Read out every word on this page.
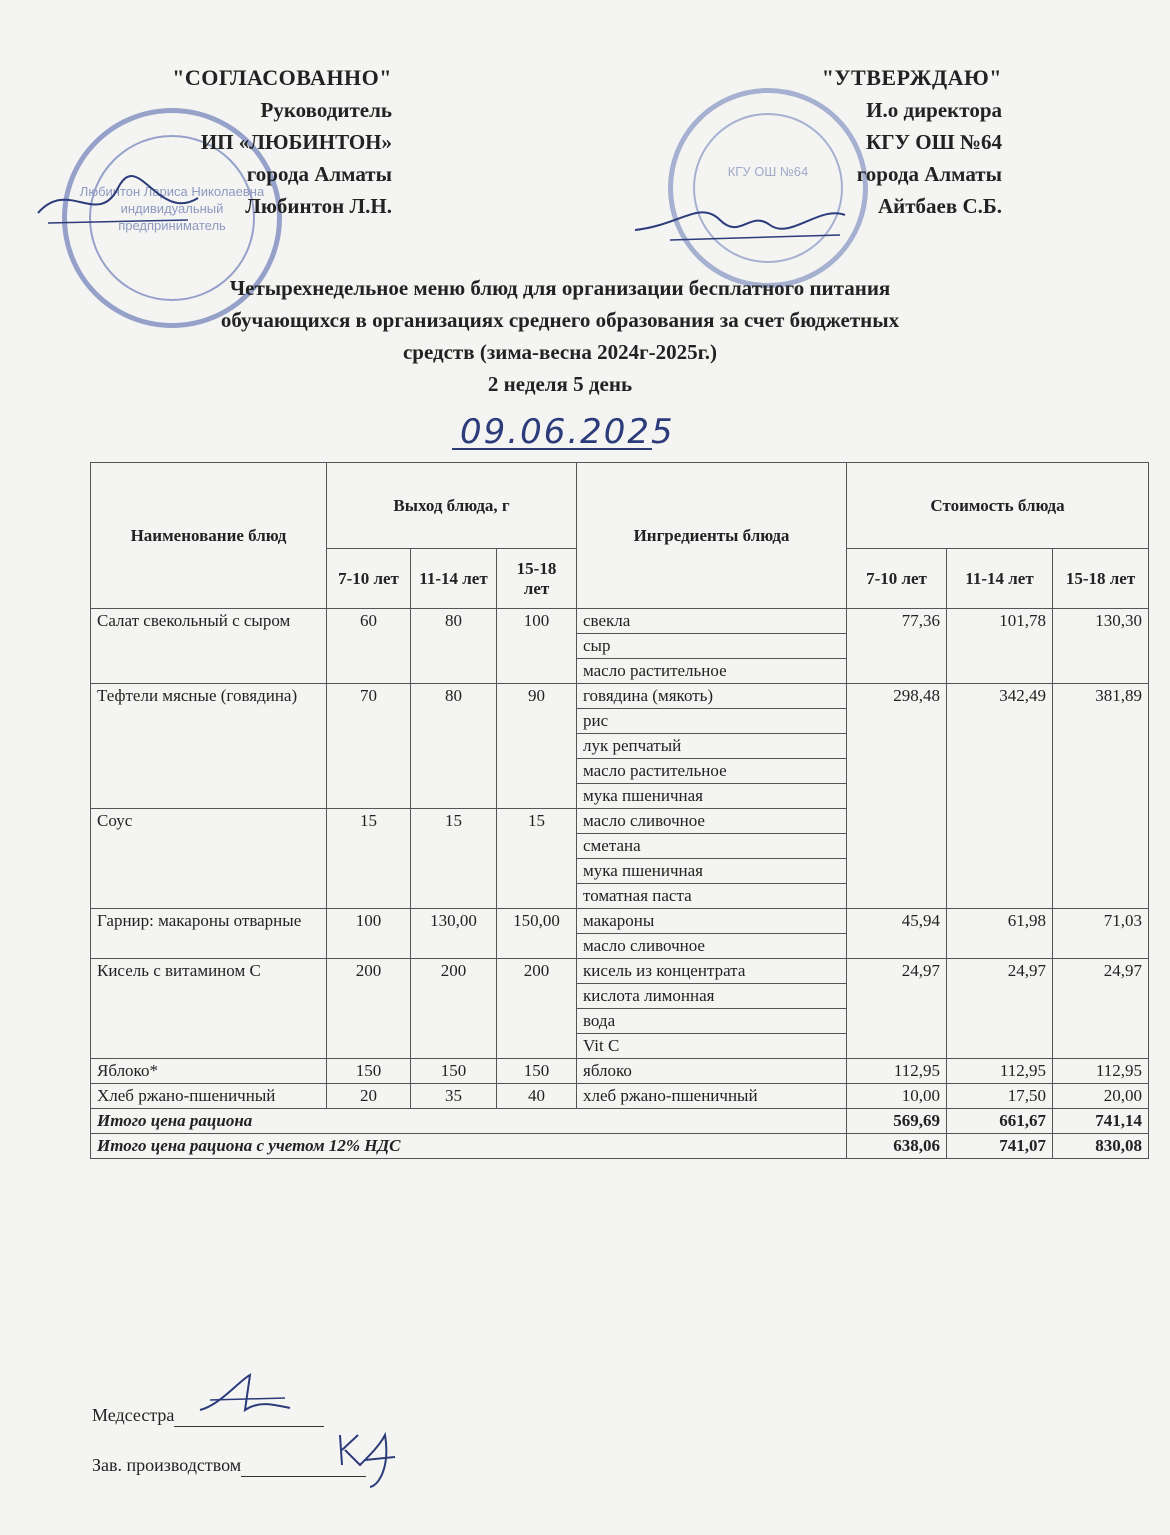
Любинтон Лариса Николаевна индивидуальный предприниматель
"СОГЛАСОВАННО"
Руководитель
ИП «ЛЮБИНТОН»
города Алматы
Любинтон Л.Н.
КГУ ОШ №64
"УТВЕРЖДАЮ"
И.о директора
КГУ ОШ №64
города Алматы
Айтбаев С.Б.
Четырехнедельное меню блюд для организации бесплатного питания
обучающихся в организациях среднего образования за счет бюджетных
средств (зима-весна 2024г-2025г.)
2 неделя 5 день
09.06.2025
Наименование блюд	Выход блюда, г			Ингредиенты блюда	Стоимость блюда		
	7-10 лет	11-14 лет	15-18 лет		7-10 лет	11-14 лет	15-18 лет
Салат свекольный с сыром	60	80	100	свекла	77,36	101,78	130,30
				сыр			
				масло растительное			
Тефтели мясные (говядина)	70	80	90	говядина (мякоть)	298,48	342,49	381,89
				рис			
				лук репчатый			
				масло растительное			
				мука пшеничная			
Соус	15	15	15	масло сливочное			
				сметана			
				мука пшеничная			
				томатная паста			
Гарнир: макароны отварные	100	130,00	150,00	макароны	45,94	61,98	71,03
				масло сливочное			
Кисель с витамином С	200	200	200	кисель из концентрата	24,97	24,97	24,97
				кислота лимонная			
				вода			
				Vit C			
Яблоко*	150	150	150	яблоко	112,95	112,95	112,95
Хлеб ржано-пшеничный	20	35	40	хлеб ржано-пшеничный	10,00	17,50	20,00
Итого цена рациона					569,69	661,67	741,14
Итого цена рациона с учетом 12% НДС					638,06	741,07	830,08
Медсестра
Зав. производством
